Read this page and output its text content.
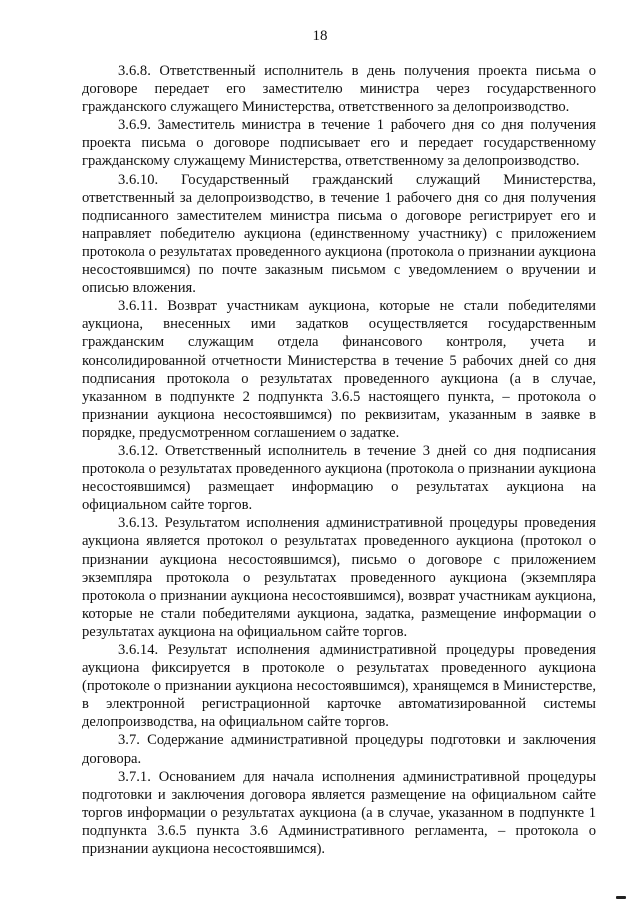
18

3.6.8. Ответственный исполнитель в день получения проекта письма о договоре передает его заместителю министра через государственного гражданского служащего Министерства, ответственного за делопроизводство.

3.6.9. Заместитель министра в течение 1 рабочего дня со дня получения проекта письма о договоре подписывает его и передает государственному гражданскому служащему Министерства, ответственному за делопроизводство.

3.6.10. Государственный гражданский служащий Министерства, ответственный за делопроизводство, в течение 1 рабочего дня со дня получения подписанного заместителем министра письма о договоре регистрирует его и направляет победителю аукциона (единственному участнику) с приложением протокола о результатах проведенного аукциона (протокола о признании аукциона несостоявшимся) по почте заказным письмом с уведомлением о вручении и описью вложения.

3.6.11. Возврат участникам аукциона, которые не стали победителями аукциона, внесенных ими задатков осуществляется государственным гражданским служащим отдела финансового контроля, учета и консолидированной отчетности Министерства в течение 5 рабочих дней со дня подписания протокола о результатах проведенного аукциона (а в случае, указанном в подпункте 2 подпункта 3.6.5 настоящего пункта, – протокола о признании аукциона несостоявшимся) по реквизитам, указанным в заявке в порядке, предусмотренном соглашением о задатке.

3.6.12. Ответственный исполнитель в течение 3 дней со дня подписания протокола о результатах проведенного аукциона (протокола о признании аукциона несостоявшимся) размещает информацию о результатах аукциона на официальном сайте торгов.

3.6.13. Результатом исполнения административной процедуры проведения аукциона является протокол о результатах проведенного аукциона (протокол о признании аукциона несостоявшимся), письмо о договоре с приложением экземпляра протокола о результатах проведенного аукциона (экземпляра протокола о признании аукциона несостоявшимся), возврат участникам аукциона, которые не стали победителями аукциона, задатка, размещение информации о результатах аукциона на официальном сайте торгов.

3.6.14. Результат исполнения административной процедуры проведения аукциона фиксируется в протоколе о результатах проведенного аукциона (протоколе о признании аукциона несостоявшимся), хранящемся в Министерстве, в электронной регистрационной карточке автоматизированной системы делопроизводства, на официальном сайте торгов.

3.7. Содержание административной процедуры подготовки и заключения договора.

3.7.1. Основанием для начала исполнения административной процедуры подготовки и заключения договора является размещение на официальном сайте торгов информации о результатах аукциона (а в случае, указанном в подпункте 1 подпункта 3.6.5 пункта 3.6 Административного регламента, – протокола о признании аукциона несостоявшимся).
